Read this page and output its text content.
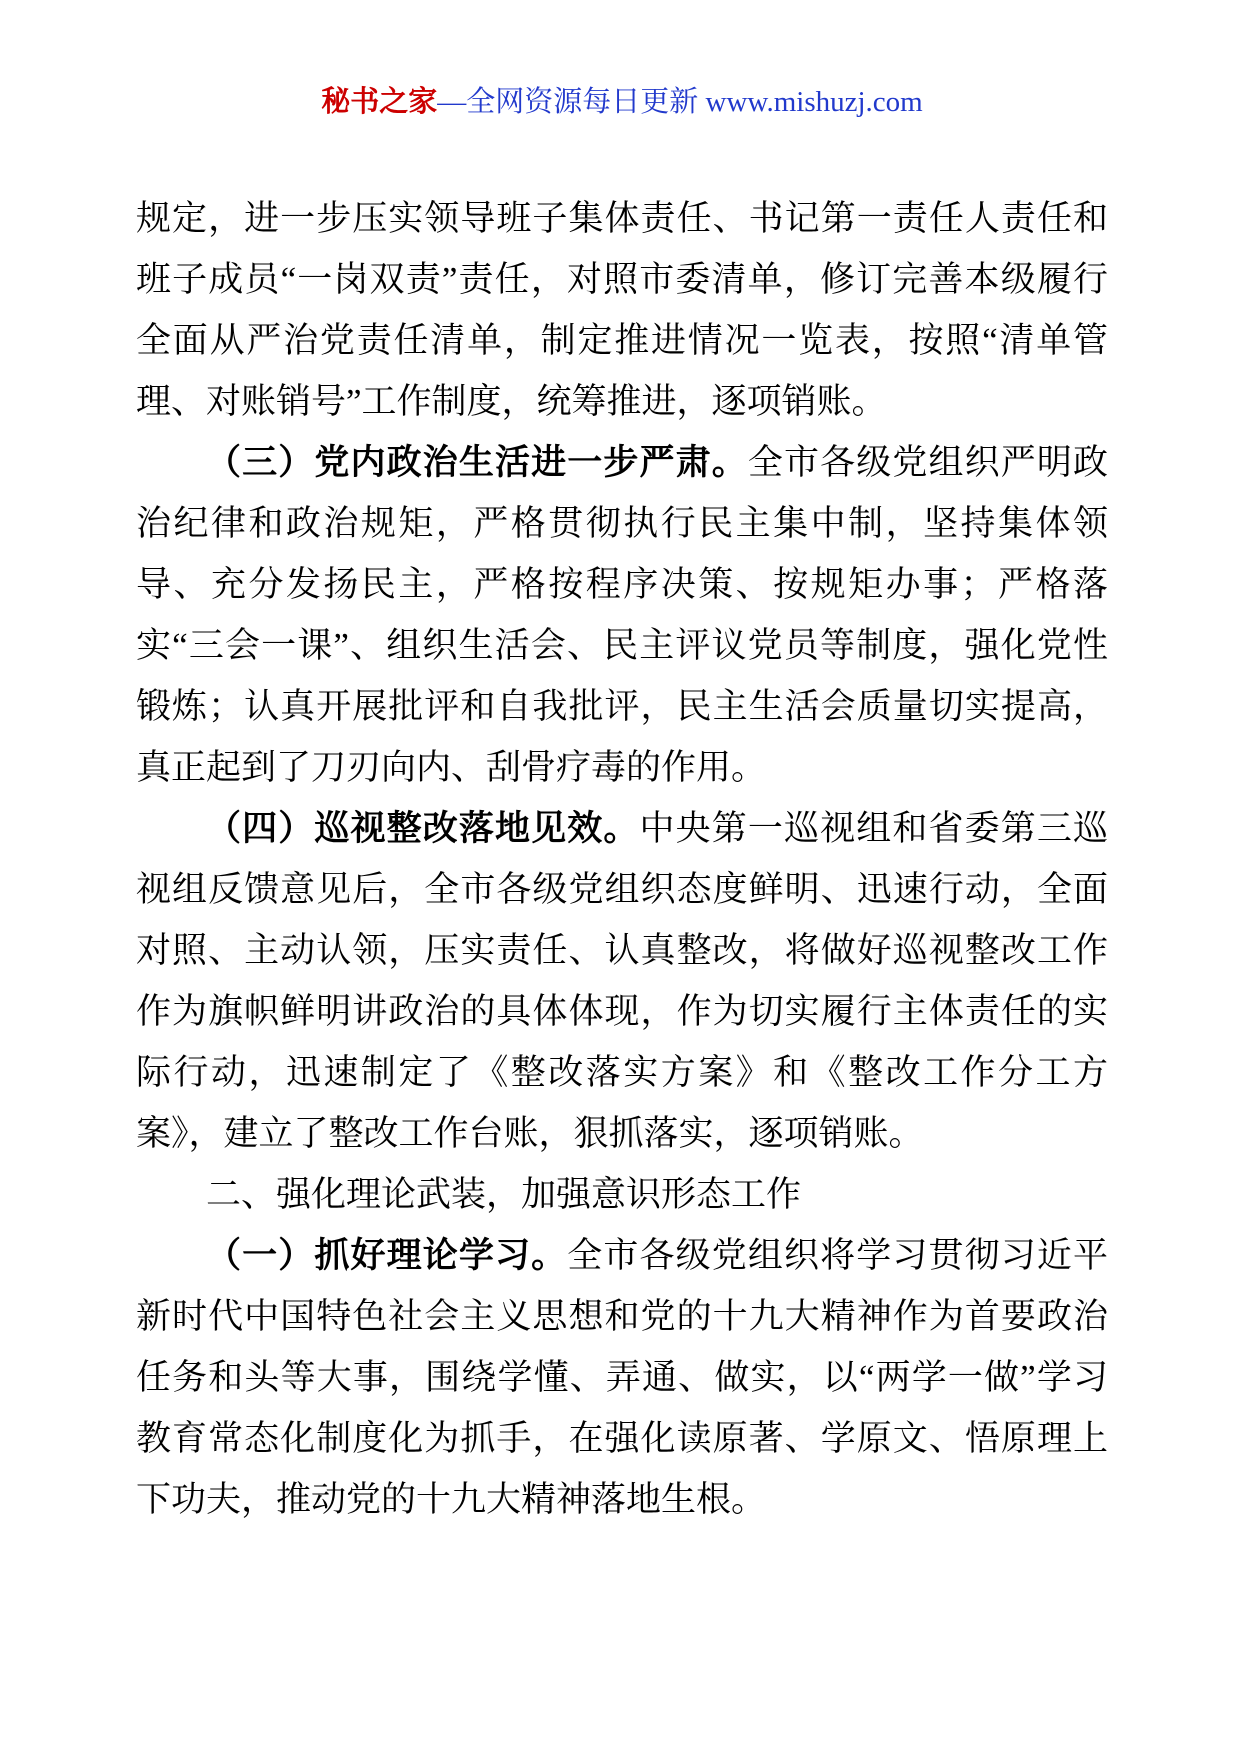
秘书之家—全网资源每日更新 www.mishuzj.com

规定，进一步压实领导班子集体责任、书记第一责任人责任和班子成员“一岗双责”责任，对照市委清单，修订完善本级履行全面从严治党责任清单，制定推进情况一览表，按照“清单管理、对账销号”工作制度，统筹推进，逐项销账。

（三）党内政治生活进一步严肃。全市各级党组织严明政治纪律和政治规矩，严格贯彻执行民主集中制，坚持集体领导、充分发扬民主，严格按程序决策、按规矩办事；严格落实“三会一课”、组织生活会、民主评议党员等制度，强化党性锻炼；认真开展批评和自我批评，民主生活会质量切实提高，真正起到了刀刃向内、刮骨疗毒的作用。

（四）巡视整改落地见效。中央第一巡视组和省委第三巡视组反馈意见后，全市各级党组织态度鲜明、迅速行动，全面对照、主动认领，压实责任、认真整改，将做好巡视整改工作作为旗帜鲜明讲政治的具体体现，作为切实履行主体责任的实际行动，迅速制定了《整改落实方案》和《整改工作分工方案》，建立了整改工作台账，狠抓落实，逐项销账。

二、强化理论武装，加强意识形态工作

（一）抓好理论学习。全市各级党组织将学习贯彻习近平新时代中国特色社会主义思想和党的十九大精神作为首要政治任务和头等大事，围绕学懂、弄通、做实，以“两学一做”学习教育常态化制度化为抓手，在强化读原著、学原文、悟原理上下功夫，推动党的十九大精神落地生根。
